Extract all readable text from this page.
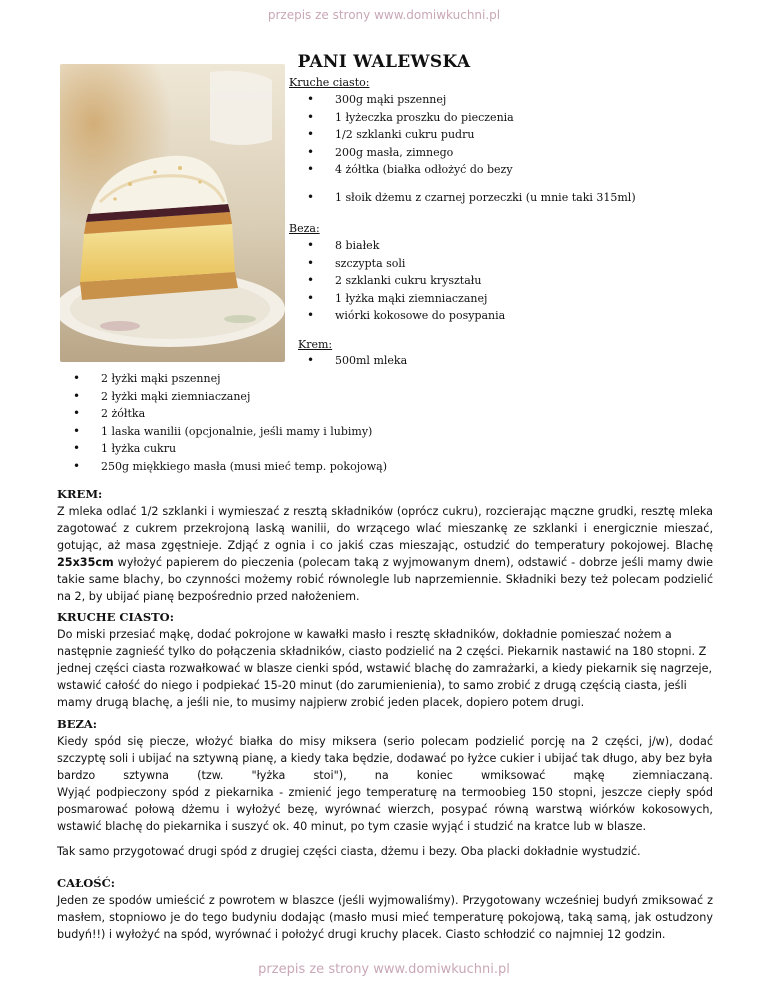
przepis ze strony www.domiwkuchni.pl
PANI WALEWSKA
Kruche ciasto:
• 300g mąki pszennej
• 1 łyżeczka proszku do pieczenia
• 1/2 szklanki cukru pudru
• 200g masła, zimnego
• 4 żółtka (białka odłożyć do bezy
• 1 słoik dżemu z czarnej porzeczki (u mnie taki 315ml)
Beza:
• 8 białek
• szczypta soli
• 2 szklanki cukru kryształu
• 1 łyżka mąki ziemniaczanej
• wiórki kokosowe do posypania
Krem:
• 500ml mleka
• 2 łyżki mąki pszennej
• 2 łyżki mąki ziemniaczanej
• 2 żółtka
• 1 laska wanilii (opcjonalnie, jeśli mamy i lubimy)
• 1 łyżka cukru
• 250g miękkiego masła (musi mieć temp. pokojową)
KREM:

Z mleka odlać 1/2 szklanki i wymieszać z resztą składników (oprócz cukru), rozcierając mączne grudki, resztę mleka zagotować z cukrem przekrojoną laską wanilii, do wrzącego wlać mieszankę ze szklanki i energicznie mieszać, gotując, aż masa zgęstnieje. Zdjąć z ognia i co jakiś czas mieszając, ostudzić do temperatury pokojowej. Blachę 25x35cm wyłożyć papierem do pieczenia (polecam taką z wyjmowanym dnem), odstawić - dobrze jeśli mamy dwie takie same blachy, bo czynności możemy robić równolegle lub naprzemiennie. Składniki bezy też polecam podzielić na 2, by ubijać pianę bezpośrednio przed nałożeniem.

KRUCHE CIASTO:

Do miski przesiać mąkę, dodać pokrojone w kawałki masło i resztę składników, dokładnie pomieszać nożem a następnie zagnieść tylko do połączenia składników, ciasto podzielić na 2 części. Piekarnik nastawić na 180 stopni. Z jednej części ciasta rozwałkować w blasze cienki spód, wstawić blachę do zamrażarki, a kiedy piekarnik się nagrzeje, wstawić całość do niego i podpiekać 15-20 minut (do zarumienienia), to samo zrobić z drugą częścią ciasta, jeśli mamy drugą blachę, a jeśli nie, to musimy najpierw zrobić jeden placek, dopiero potem drugi.

BEZA:

Kiedy spód się piecze, włożyć białka do misy miksera (serio polecam podzielić porcję na 2 części, j/w), dodać szczyptę soli i ubijać na sztywną pianę, a kiedy taka będzie, dodawać po łyżce cukier i ubijać tak długo, aby bez była

bardzo	sztywna	(tzw.	"łyżka	stoi"),	na	koniec	wmiksować	mąkę	ziemniaczaną.

Wyjąć podpieczony spód z piekarnika - zmienić jego temperaturę na termoobieg 150 stopni, jeszcze ciepły spód posmarować połową dżemu i wyłożyć bezę, wyrównać wierzch, posypać równą warstwą wiórków kokosowych, wstawić blachę do piekarnika i suszyć ok. 40 minut, po tym czasie wyjąć i studzić na kratce lub w blasze.

Tak samo przygotować drugi spód z drugiej części ciasta, dżemu i bezy. Oba placki dokładnie wystudzić.

CAŁOŚĆ:

Jeden ze spodów umieścić z powrotem w blaszce (jeśli wyjmowaliśmy). Przygotowany wcześniej budyń zmiksować z masłem, stopniowo je do tego budyniu dodając (masło musi mieć temperaturę pokojową, taką samą, jak ostudzony budyń!!) i wyłożyć na spód, wyrównać i położyć drugi kruchy placek. Ciasto schłodzić co najmniej 12 godzin.

przepis ze strony www.domiwkuchni.pl
